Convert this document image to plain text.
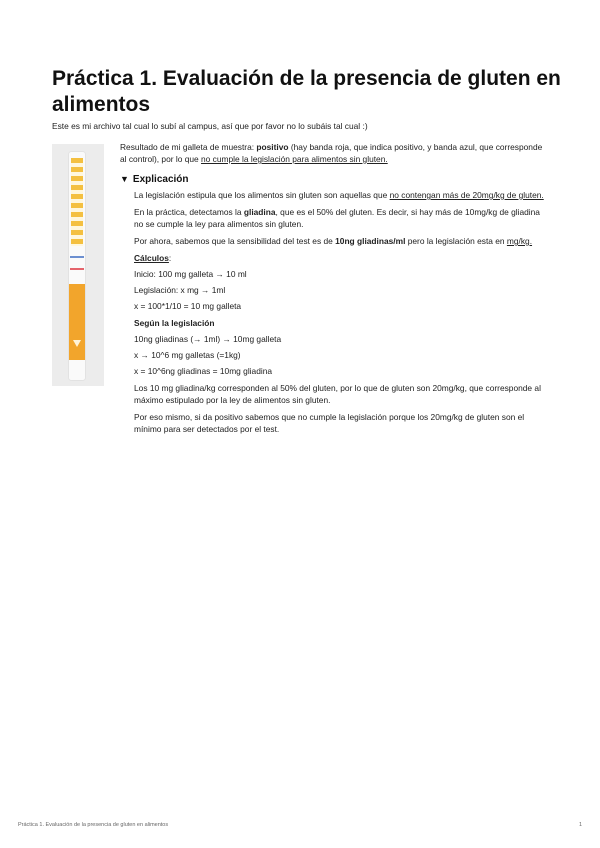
Práctica 1. Evaluación de la presencia de gluten en alimentos

Este es mi archivo tal cual lo subí al campus, así que por favor no lo subáis tal cual :)

Resultado de mi galleta de muestra: positivo (hay banda roja, que indica positivo, y banda azul, que corresponde al control), por lo que no cumple la legislación para alimentos sin gluten.

▼ Explicación

La legislación estipula que los alimentos sin gluten son aquellas que no contengan más de 20mg/kg de gluten.

En la práctica, detectamos la gliadina, que es el 50% del gluten. Es decir, si hay más de 10mg/kg de gliadina no se cumple la ley para alimentos sin gluten.

Por ahora, sabemos que la sensibilidad del test es de 10ng gliadinas/ml pero la legislación esta en mg/kg.

Cálculos:

Inicio: 100 mg galleta → 10 ml

Legislación: x mg → 1ml

x = 100*1/10 = 10 mg galleta

Según la legislación

10ng gliadinas (→ 1ml) → 10mg galleta

x → 10^6 mg galletas (=1kg)

x = 10^6ng gliadinas = 10mg gliadina

Los 10 mg gliadina/kg corresponden al 50% del gluten, por lo que de gluten son 20mg/kg, que corresponde al máximo estipulado por la ley de alimentos sin gluten.

Por eso mismo, si da positivo sabemos que no cumple la legislación porque los 20mg/kg de gluten son el mínimo para ser detectados por el test.

Práctica 1. Evaluación de la presencia de gluten en alimentos	1
